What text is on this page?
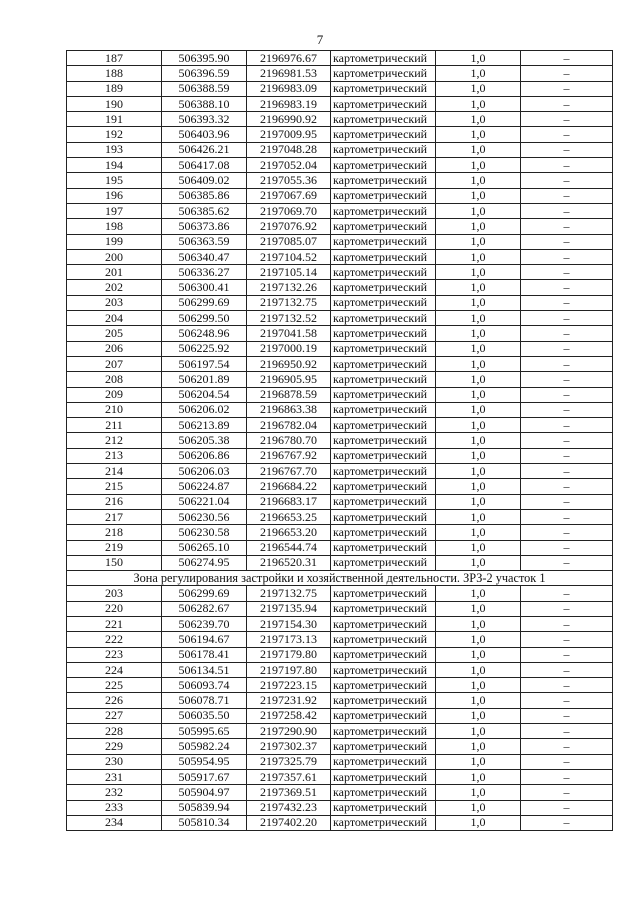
7
187	506395.90	2196976.67	картометрический	1,0	–
188	506396.59	2196981.53	картометрический	1,0	–
189	506388.59	2196983.09	картометрический	1,0	–
190	506388.10	2196983.19	картометрический	1,0	–
191	506393.32	2196990.92	картометрический	1,0	–
192	506403.96	2197009.95	картометрический	1,0	–
193	506426.21	2197048.28	картометрический	1,0	–
194	506417.08	2197052.04	картометрический	1,0	–
195	506409.02	2197055.36	картометрический	1,0	–
196	506385.86	2197067.69	картометрический	1,0	–
197	506385.62	2197069.70	картометрический	1,0	–
198	506373.86	2197076.92	картометрический	1,0	–
199	506363.59	2197085.07	картометрический	1,0	–
200	506340.47	2197104.52	картометрический	1,0	–
201	506336.27	2197105.14	картометрический	1,0	–
202	506300.41	2197132.26	картометрический	1,0	–
203	506299.69	2197132.75	картометрический	1,0	–
204	506299.50	2197132.52	картометрический	1,0	–
205	506248.96	2197041.58	картометрический	1,0	–
206	506225.92	2197000.19	картометрический	1,0	–
207	506197.54	2196950.92	картометрический	1,0	–
208	506201.89	2196905.95	картометрический	1,0	–
209	506204.54	2196878.59	картометрический	1,0	–
210	506206.02	2196863.38	картометрический	1,0	–
211	506213.89	2196782.04	картометрический	1,0	–
212	506205.38	2196780.70	картометрический	1,0	–
213	506206.86	2196767.92	картометрический	1,0	–
214	506206.03	2196767.70	картометрический	1,0	–
215	506224.87	2196684.22	картометрический	1,0	–
216	506221.04	2196683.17	картометрический	1,0	–
217	506230.56	2196653.25	картометрический	1,0	–
218	506230.58	2196653.20	картометрический	1,0	–
219	506265.10	2196544.74	картометрический	1,0	–
150	506274.95	2196520.31	картометрический	1,0	–
Зона регулирования застройки и хозяйственной деятельности. ЗРЗ-2 участок 1					
203	506299.69	2197132.75	картометрический	1,0	–
220	506282.67	2197135.94	картометрический	1,0	–
221	506239.70	2197154.30	картометрический	1,0	–
222	506194.67	2197173.13	картометрический	1,0	–
223	506178.41	2197179.80	картометрический	1,0	–
224	506134.51	2197197.80	картометрический	1,0	–
225	506093.74	2197223.15	картометрический	1,0	–
226	506078.71	2197231.92	картометрический	1,0	–
227	506035.50	2197258.42	картометрический	1,0	–
228	505995.65	2197290.90	картометрический	1,0	–
229	505982.24	2197302.37	картометрический	1,0	–
230	505954.95	2197325.79	картометрический	1,0	–
231	505917.67	2197357.61	картометрический	1,0	–
232	505904.97	2197369.51	картометрический	1,0	–
233	505839.94	2197432.23	картометрический	1,0	–
234	505810.34	2197402.20	картометрический	1,0	–
